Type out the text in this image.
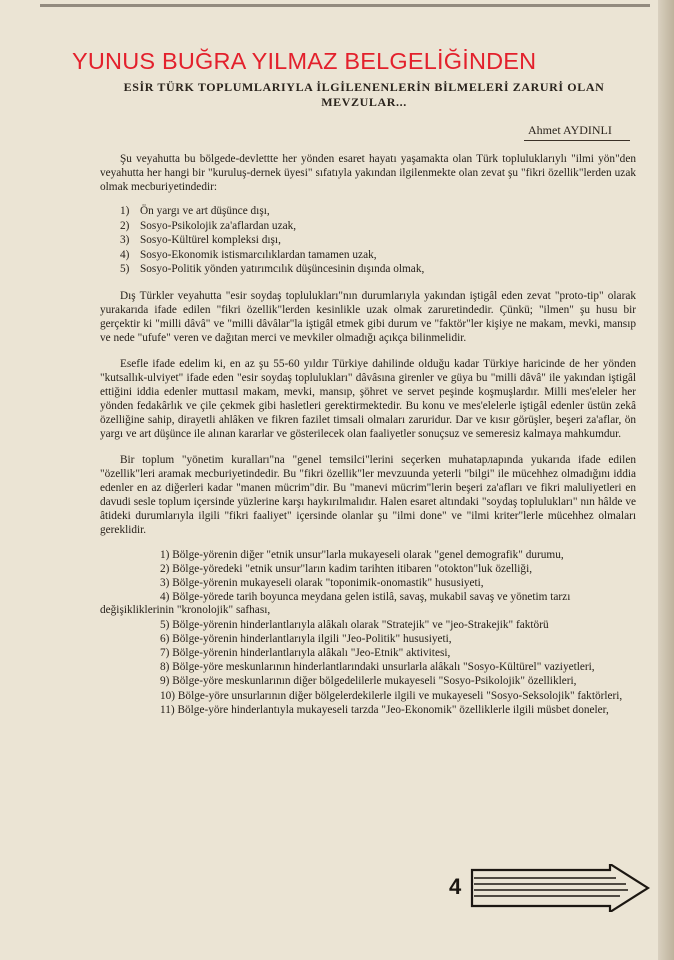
YUNUS BUĞRA YILMAZ BELGELİĞİNDEN
ESİR TÜRK TOPLUMLARIYLA İLGİLENENLERİN BİLMELERİ ZARURİ OLAN MEVZULAR...
Ahmet AYDINLI

Şu veyahutta bu bölgede-devlettte her yönden esaret hayatı yaşamakta olan Türk topluluklarıylı "ilmi yön"den veyahutta her hangi bir "kuruluş-dernek üyesi" sıfatıyla yakından ilgilenmekte olan zevat şu "fikri özellik"lerden uzak olmak mecburiyetindedir:

1) Ön yargı ve art düşünce dışı,
2) Sosyo-Psikolojik za'aflardan uzak,
3) Sosyo-Kültürel kompleksi dışı,
4) Sosyo-Ekonomik istismarcılıklardan tamamen uzak,
5) Sosyo-Politik yönden yatırımcılık düşüncesinin dışında olmak,

Dış Türkler veyahutta "esir soydaş toplulukları"nın durumlarıyla yakından iştigâl eden zevat "proto-tip" olarak yurakarıda ifade edilen "fikri özellik"lerden kesinlikle uzak olmak zaruretindedir. Çünkü; "ilmen" şu husu bir gerçektir ki "milli dâvâ" ve "milli dâvâlar"la iştigâl etmek gibi durum ve "faktör"ler kişiye ne makam, mevki, mansıp ve nede "ufufe" veren ve dağıtan merci ve mevkiler olmadığı açıkça bilinmelidir.

Esefle ifade edelim ki, en az şu 55-60 yıldır Türkiye dahilinde olduğu kadar Türkiye haricinde de her yönden "kutsallık-ulviyet" ifade eden "esir soydaş toplulukları" dâvâsına girenler ve güya bu "milli dâvâ" ile yakından iştigâl ettiğini iddia edenler muttasıl makam, mevki, mansıp, şöhret ve servet peşinde koşmuşlardır. Milli mes'eleler her yönden fedakârlık ve çile çekmek gibi hasletleri gerektirmektedir. Bu konu ve mes'elelerle iştigâl edenler üstün zekâ özelliğine sahip, dirayetli ahlâken ve fikren fazilet timsali olmaları zaruridur. Dar ve kısır görüşler, beşeri za'aflar, ön yargı ve art düşünce ile alınan kararlar ve gösterilecek olan faaliyetler sonuçsuz ve semeresiz kalmaya mahkumdur.

Bir toplum "yönetim kuralları"na "genel temsilci"lerini seçerken muhatapларında yukarıda ifade edilen "özellik"leri aramak mecburiyetindedir. Bu "fikri özellik"ler mevzuunda yeterli "bilgi" ile mücehhez olmadığını iddia edenler en az diğerleri kadar "manen mücrim"dir. Bu "manevi mücrim"lerin beşeri za'afları ve fikri maluliyetleri en davudi sesle toplum içersinde yüzlerine karşı haykırılmalıdır. Halen esaret altındaki "soydaş toplulukları" nın hâlde ve âtideki durumlarıyla ilgili "fikri faaliyet" içersinde olanlar şu "ilmi done" ve "ilmi kriter"lerle mücehhez olmaları gereklidir.

1) Bölge-yörenin diğer "etnik unsur"larla mukayeseli olarak "genel demografik" durumu,
2) Bölge-yöredeki "etnik unsur"ların kadim tarihten itibaren "otokton"luk özelliği,
3) Bölge-yörenin mukayeseli olarak "toponimik-onomastik" hususiyeti,
4) Bölge-yörede tarih boyunca meydana gelen istilâ, savaş, mukabil savaş ve yönetim tarzı değişikliklerinin "kronolojik" safhası,
5) Bölge-yörenin hinderlantlarıyla alâkalı olarak "Stratejik" ve "jeo-Strakejik" faktörü
6) Bölge-yörenin hinderlantlarıyla ilgili "Jeo-Politik" hususiyeti,
7) Bölge-yörenin hinderlantlarıyla alâkalı "Jeo-Etnik" aktivitesi,
8) Bölge-yöre meskunlarının hinderlantlarındaki unsurlarla alâkalı "Sosyo-Kültürel" vaziyetleri,
9) Bölge-yöre meskunlarının diğer bölgedelilerle mukayeseli "Sosyo-Psikolojik" özellikleri,
10) Bölge-yöre unsurlarının diğer bölgelerdekilerle ilgili ve mukayeseli "Sosyo-Seksolojik" faktörleri,
11) Bölge-yöre hinderlantıyla mukayeseli tarzda "Jeo-Ekonomik" özelliklerle ilgili müsbet doneler,
4
